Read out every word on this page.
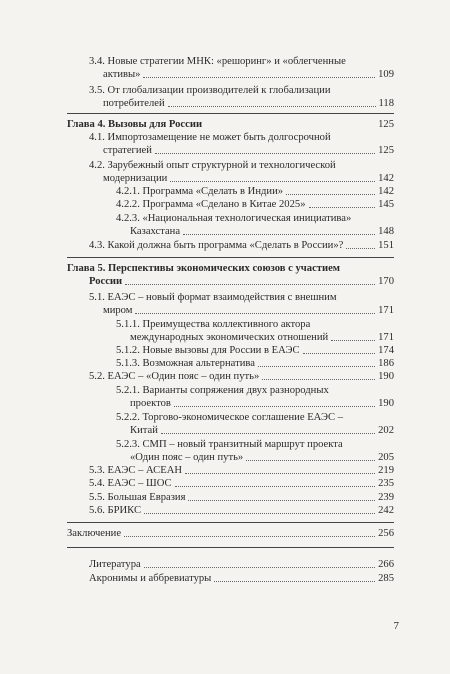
3.4. Новые стратегии МНК: «решоринг» и «облегченные
активы»	109
3.5. От глобализации производителей к глобализации
потребителей	118
Глава 4. Вызовы для России	125
4.1. Импортозамещение не может быть долгосрочной
стратегией	125
4.2. Зарубежный опыт структурной и технологической
модернизации	142
4.2.1. Программа «Сделать в Индии»	142
4.2.2. Программа «Сделано в Китае 2025»	145
4.2.3. «Национальная технологическая инициатива»
Казахстана	148
4.3. Какой должна быть программа «Сделать в России»?	151
Глава 5. Перспективы экономических союзов с участием
России	170
5.1. ЕАЭС – новый формат взаимодействия с внешним
миром	171
5.1.1. Преимущества коллективного актора
международных экономических отношений	171
5.1.2. Новые вызовы для России в ЕАЭС	174
5.1.3. Возможная альтернатива	186
5.2. ЕАЭС – «Один пояс – один путь»	190
5.2.1. Варианты сопряжения двух разнородных
проектов	190
5.2.2. Торгово-экономическое соглашение ЕАЭС –
Китай	202
5.2.3. СМП – новый транзитный маршрут проекта
«Один пояс – один путь»	205
5.3. ЕАЭС – АСЕАН	219
5.4. ЕАЭС – ШОС	235
5.5. Большая Евразия	239
5.6. БРИКС	242
Заключение	256
Литература	266
Акронимы и аббревиатуры	285
7
